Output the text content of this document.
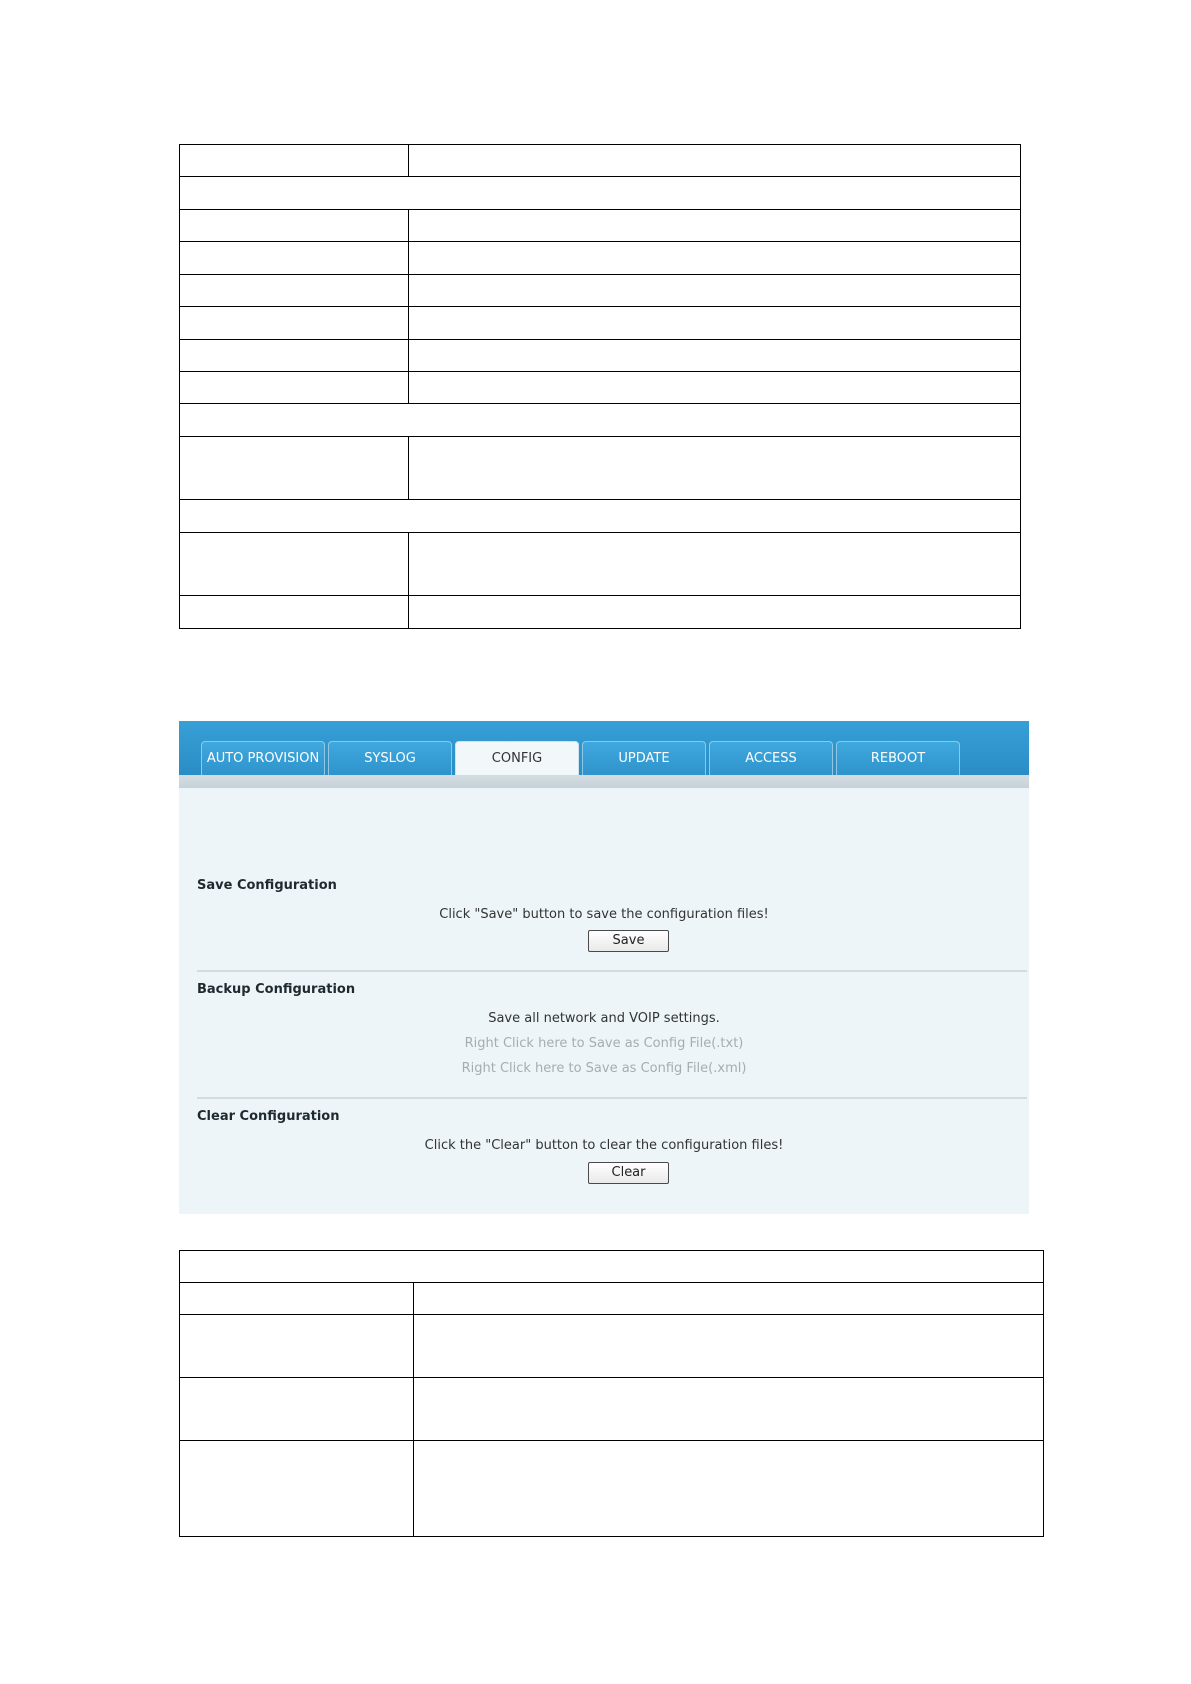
AUTO PROVISION	SYSLOG	CONFIG	UPDATE	ACCESS	REBOOT
Save Configuration
Click "Save" button to save the configuration files!
Save
Backup Configuration
Save all network and VOIP settings.
Right Click here to Save as Config File(.txt)
Right Click here to Save as Config File(.xml)
Clear Configuration
Click the "Clear" button to clear the configuration files!
Clear
